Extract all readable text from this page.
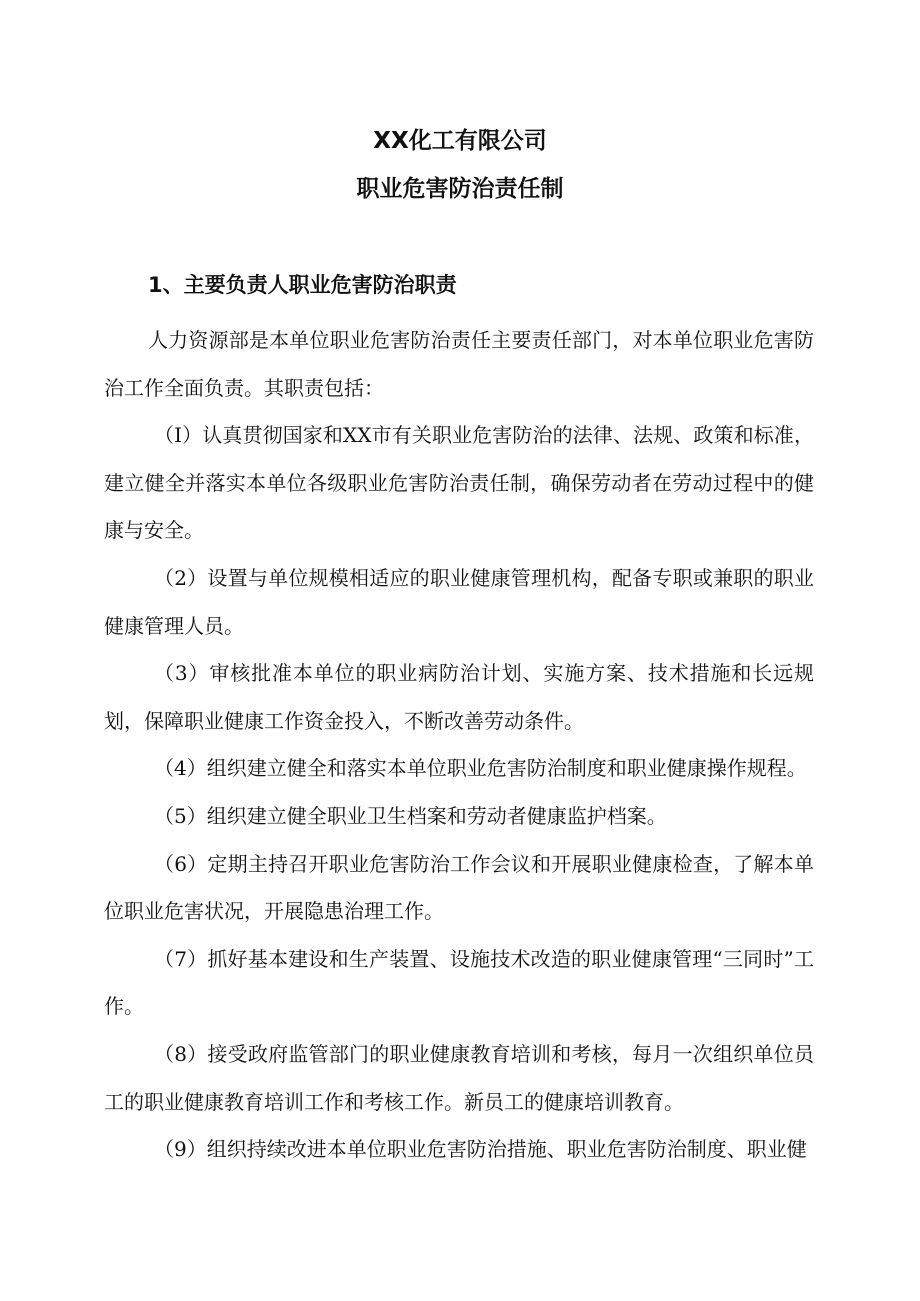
XX化工有限公司
职业危害防治责任制
1、主要负责人职业危害防治职责

人力资源部是本单位职业危害防治责任主要责任部门，对本单位职业危害防治工作全面负责。其职责包括：

（I）认真贯彻国家和XX市有关职业危害防治的法律、法规、政策和标准，建立健全并落实本单位各级职业危害防治责任制，确保劳动者在劳动过程中的健康与安全。

（2）设置与单位规模相适应的职业健康管理机构，配备专职或兼职的职业健康管理人员。

（3）审核批准本单位的职业病防治计划、实施方案、技术措施和长远规划，保障职业健康工作资金投入，不断改善劳动条件。

（4）组织建立健全和落实本单位职业危害防治制度和职业健康操作规程。

（5）组织建立健全职业卫生档案和劳动者健康监护档案。

（6）定期主持召开职业危害防治工作会议和开展职业健康检查，了解本单位职业危害状况，开展隐患治理工作。

（7）抓好基本建设和生产装置、设施技术改造的职业健康管理“三同时”工作。

（8）接受政府监管部门的职业健康教育培训和考核，每月一次组织单位员工的职业健康教育培训工作和考核工作。新员工的健康培训教育。

（9）组织持续改进本单位职业危害防治措施、职业危害防治制度、职业健
